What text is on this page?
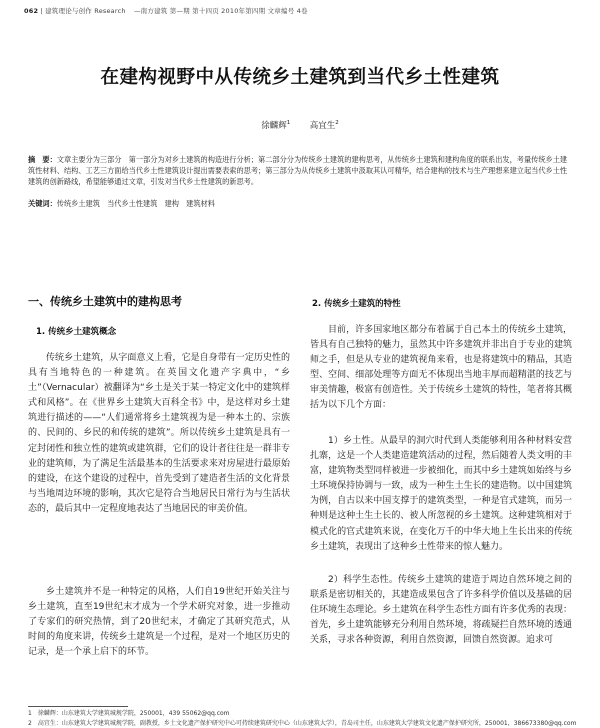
062 | 建筑理论与创作 Research —南方建筑 第—期 第十四页 2010年第四期 文章编号 4卷
在建构视野中从传统乡土建筑到当代乡土性建筑
徐麟辉$^1$ 高宜生$^2$
摘　要：文章主要分为三部分　第一部分为对乡土建筑的构造进行分析；第二部分分为传统乡土建筑的建构思考，从传统乡土建筑和建构角度的联系出发，考量传统乡土建筑性材料、结构、工艺三方面给当代乡土性建筑设计提出需要表索的思考；第三部分为从传统乡土建筑中汲取其认可精华，结合建构的技术与生产理想来建立起当代乡土性建筑的创新路线，希望能够通过文章，引发对当代乡土性建筑的新思考。
关键词：传统乡土建筑　当代乡土性建筑　建构　建筑材料
一、传统乡土建筑中的建构思考
1. 传统乡土建筑概念
传统乡土建筑，从字面意义上看，它是自身带有一定历史性的具有当地特色的一种建筑。在英国文化遗产字典中，“乡土”（Vernacular）被翻译为“乡土是关于某一特定文化中的建筑样式和风格”。在《世界乡土建筑大百科全书》中，是这样对乡土建筑进行描述的——“人们通常将乡土建筑视为是一种本土的、宗族的、民间的、乡民的和传统的建筑”。所以传统乡土建筑是具有一定封闭性和独立性的建筑或建筑群，它们的设计者往往是一群非专业的建筑师，为了满足生活最基本的生活要求来对房屋进行最原始的建设，在这个建设的过程中，首先受到了建造者生活的文化背景与当地周边环境的影响，其次它是符合当地居民日常行为与生活状态的，最后其中一定程度地表达了当地居民的审美价值。
乡土建筑并不是一种特定的风格，人们自19世纪开始关注与乡土建筑，直至19世纪末才成为一个学术研究对象，进一步推动了专家们的研究热情，到了20世纪末，才确定了其研究范式，从时间的角度来讲，传统乡土建筑是一个过程，是对一个地区历史的记录，是一个承上启下的环节。
2. 传统乡土建筑的特性
目前，许多国家地区都分布着属于自己本土的传统乡土建筑，皆具有自己独特的魅力，虽然其中许多建筑并非出自于专业的建筑师之手，但是从专业的建筑视角来看，也是将建筑中的精品，其造型、空间、细部处理等方面无不体现出当地丰厚而超精湛的技艺与审美情趣，极富有创造性。关于传统乡土建筑的特性，笔者将其概括为以下几个方面：
1）乡土性。从最早的洞穴时代到人类能够利用各种材料安营扎寨，这是一个人类建造建筑活动的过程，然后随着人类文明的丰富，建筑物类型同样被进一步被细化，而其中乡土建筑如始终与乡土环境保持协调与一致，成为一种生土生长的建造物。以中国建筑为例，自古以来中国支撑于的建筑类型，一种是官式建筑，而另一种则是这种土生土长的、被人所忽视的乡土建筑。这种建筑相对于模式化的官式建筑来说，在变化万千的中华大地上生长出来的传统乡土建筑，表现出了这种乡土性带来的惊人魅力。
2）科学生态性。传统乡土建筑的建造于周边自然环境之间的联系是密切相关的，其建造成果包含了许多科学价值以及基础的居住环境生态理论。乡土建筑在科学生态性方面有许多优秀的表现：首先，乡土建筑能够充分利用自然环境，将疏疑拦自然环境的透通关系，寻求各种资源，利用自然资源，回馈自然资源。追求可
1　徐麟辉：山东建筑大学建筑城规学院，250001，439 55062@qq.com
2　高宜生：山东建筑大学建筑城规学院，副教授，乡土文化遗产保护研究中心可持续建筑研究中心（山东建筑大学），青岛司主任，山东建筑大学建筑文化遗产保护研究所，250001，386673380@qq.com
